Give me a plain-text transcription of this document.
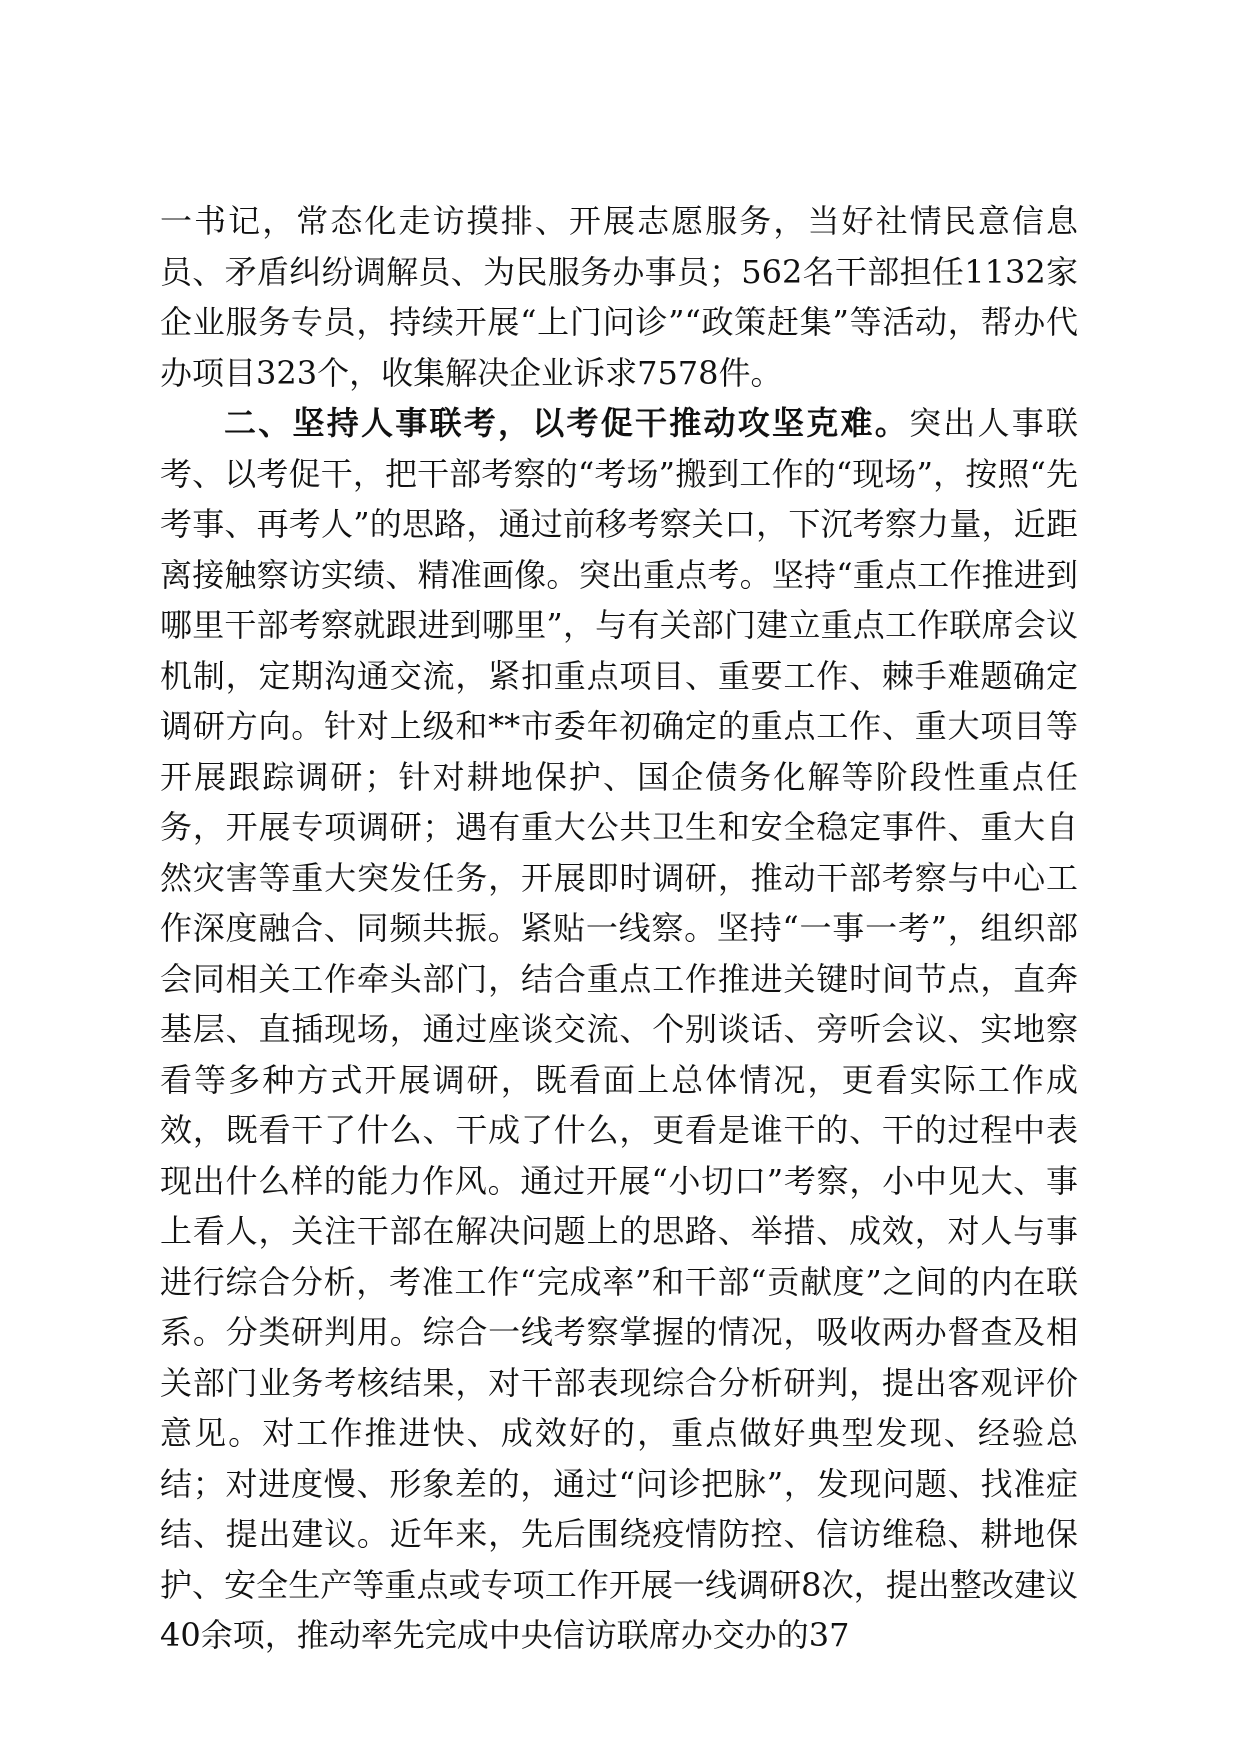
一书记，常态化走访摸排、开展志愿服务，当好社情民意信息员、矛盾纠纷调解员、为民服务办事员；562名干部担任1132家企业服务专员，持续开展“上门问诊”“政策赶集”等活动，帮办代办项目323个，收集解决企业诉求7578件。

二、坚持人事联考，以考促干推动攻坚克难。突出人事联考、以考促干，把干部考察的“考场”搬到工作的“现场”，按照“先考事、再考人”的思路，通过前移考察关口，下沉考察力量，近距离接触察访实绩、精准画像。突出重点考。坚持“重点工作推进到哪里干部考察就跟进到哪里”，与有关部门建立重点工作联席会议机制，定期沟通交流，紧扣重点项目、重要工作、棘手难题确定调研方向。针对上级和**市委年初确定的重点工作、重大项目等开展跟踪调研；针对耕地保护、国企债务化解等阶段性重点任务，开展专项调研；遇有重大公共卫生和安全稳定事件、重大自然灾害等重大突发任务，开展即时调研，推动干部考察与中心工作深度融合、同频共振。紧贴一线察。坚持“一事一考”，组织部会同相关工作牵头部门，结合重点工作推进关键时间节点，直奔基层、直插现场，通过座谈交流、个别谈话、旁听会议、实地察看等多种方式开展调研，既看面上总体情况，更看实际工作成效，既看干了什么、干成了什么，更看是谁干的、干的过程中表现出什么样的能力作风。通过开展“小切口”考察，小中见大、事上看人，关注干部在解决问题上的思路、举措、成效，对人与事进行综合分析，考准工作“完成率”和干部“贡献度”之间的内在联系。分类研判用。综合一线考察掌握的情况，吸收两办督查及相关部门业务考核结果，对干部表现综合分析研判，提出客观评价意见。对工作推进快、成效好的，重点做好典型发现、经验总结；对进度慢、形象差的，通过“问诊把脉”，发现问题、找准症结、提出建议。近年来，先后围绕疫情防控、信访维稳、耕地保护、安全生产等重点或专项工作开展一线调研8次，提出整改建议40余项，推动率先完成中央信访联席办交办的37
